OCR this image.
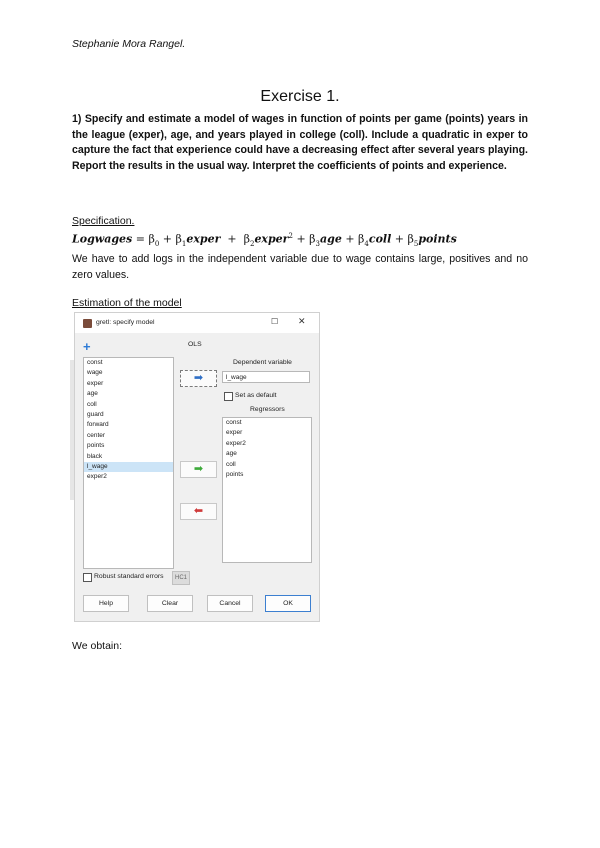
Stephanie Mora Rangel.
Exercise 1.
1) Specify and estimate a model of wages in function of points per game (points) years in the league (exper), age, and years played in college (coll). Include a quadratic in exper to capture the fact that experience could have a decreasing effect after several years playing. Report the results in the usual way. Interpret the coefficients of points and experience.
Specification.
Logwages = $\beta_0$ + $\beta_1exper$ + $\beta_2exper^2 + \beta_3age$ + $\beta_4coll$ + $\beta_5points$
We have to add logs in the independent variable due to wage contains large, positives and no zero values.
Estimation of the model
gretl: specify model	☐ ✕
+	OLS
const
wage
exper
age
coll
guard
forward
center
points
black
l_wage
exper2
➡
➡
⬅
Dependent variable
l_wage
Set as default
Regressors
const
exper
exper2
age
coll
points
Robust standard errors	HC1
Help	Clear	Cancel	OK
We obtain:
